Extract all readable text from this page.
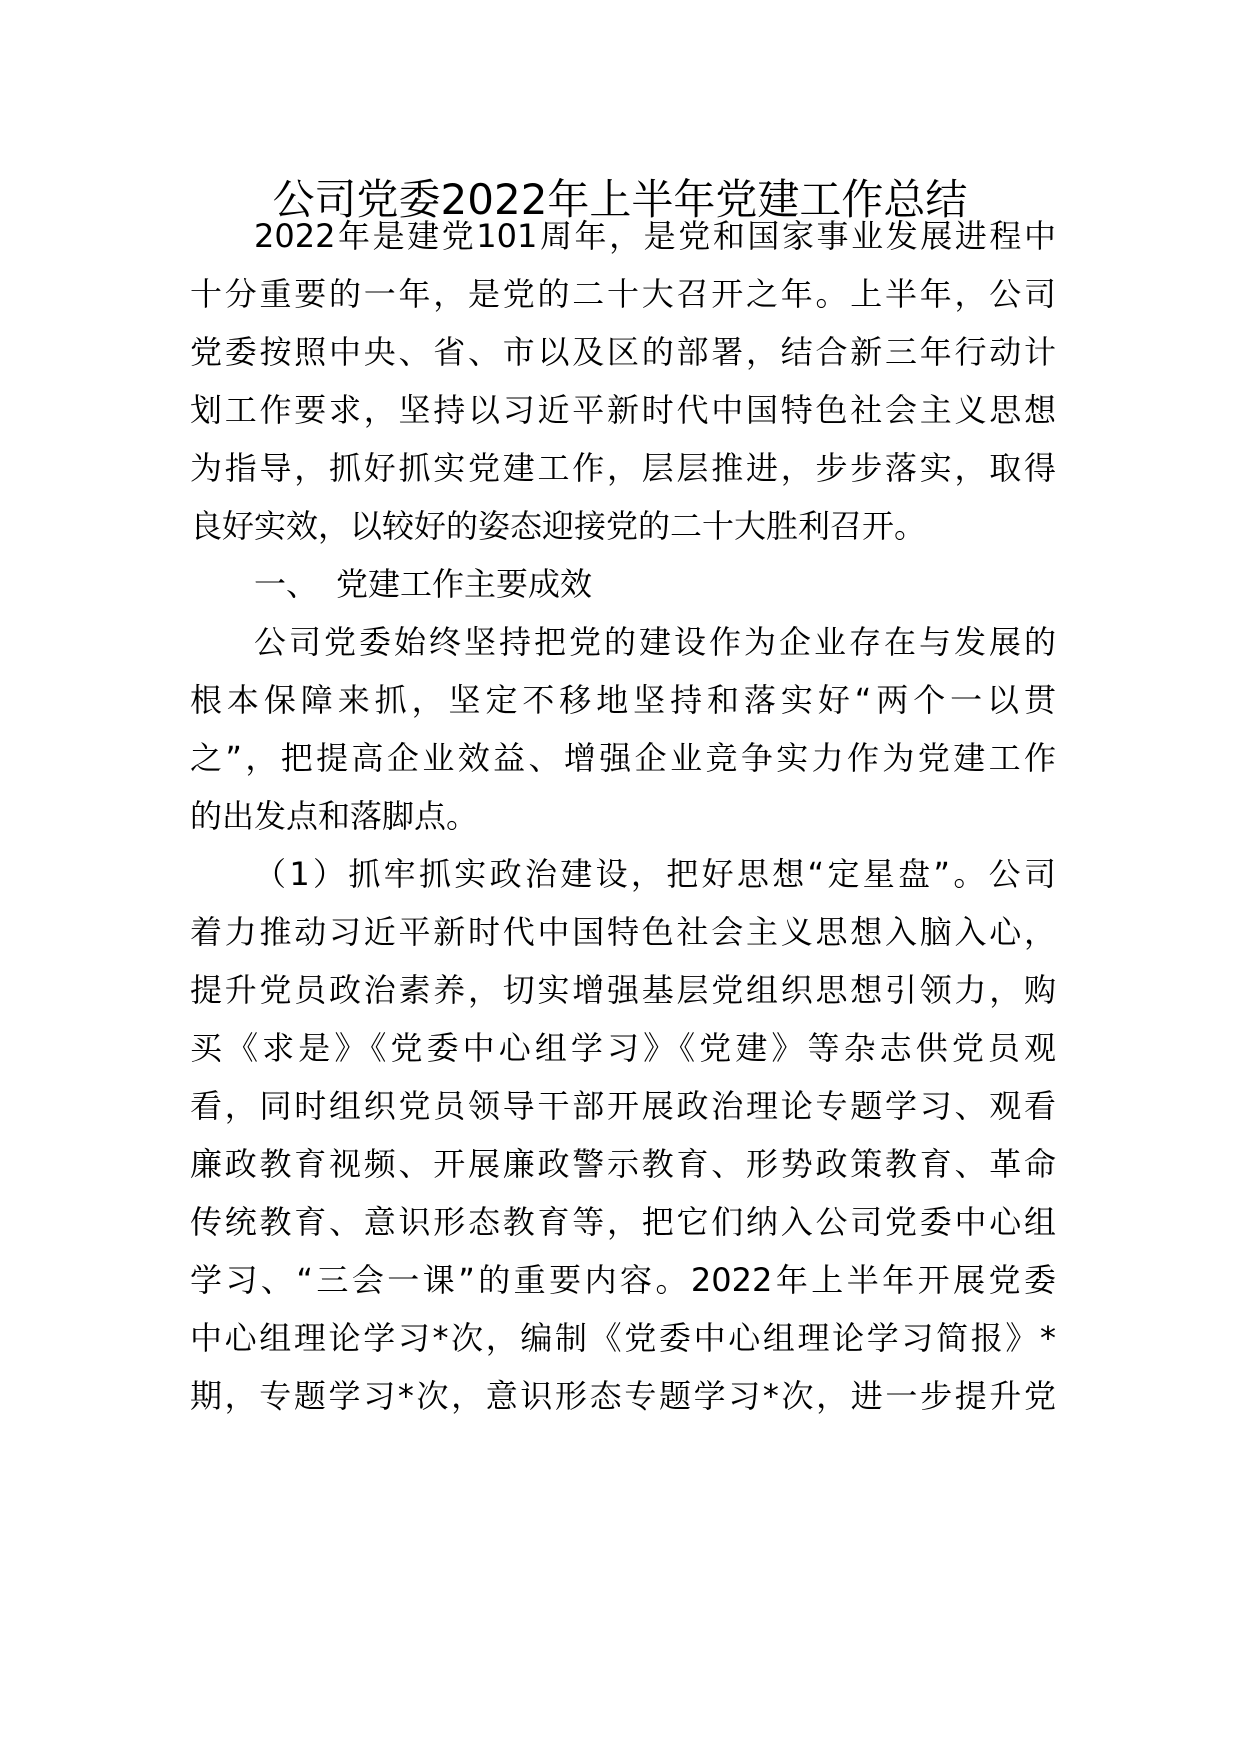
公司党委2022年上半年党建工作总结
2022年是建党101周年，是党和国家事业发展进程中
十分重要的一年，是党的二十大召开之年。上半年，公司
党委按照中央、省、市以及区的部署，结合新三年行动计
划工作要求，坚持以习近平新时代中国特色社会主义思想
为指导，抓好抓实党建工作，层层推进，步步落实，取得
良好实效，以较好的姿态迎接党的二十大胜利召开。
一、 党建工作主要成效
公司党委始终坚持把党的建设作为企业存在与发展的
根本保障来抓，坚定不移地坚持和落实好“两个一以贯
之”，把提高企业效益、增强企业竞争实力作为党建工作
的出发点和落脚点。
（1）抓牢抓实政治建设，把好思想“定星盘”。公司
着力推动习近平新时代中国特色社会主义思想入脑入心，
提升党员政治素养，切实增强基层党组织思想引领力，购
买《求是》《党委中心组学习》《党建》等杂志供党员观
看，同时组织党员领导干部开展政治理论专题学习、观看
廉政教育视频、开展廉政警示教育、形势政策教育、革命
传统教育、意识形态教育等，把它们纳入公司党委中心组
学习、“三会一课”的重要内容。2022年上半年开展党委
中心组理论学习*次，编制《党委中心组理论学习简报》*
期，专题学习*次，意识形态专题学习*次，进一步提升党
